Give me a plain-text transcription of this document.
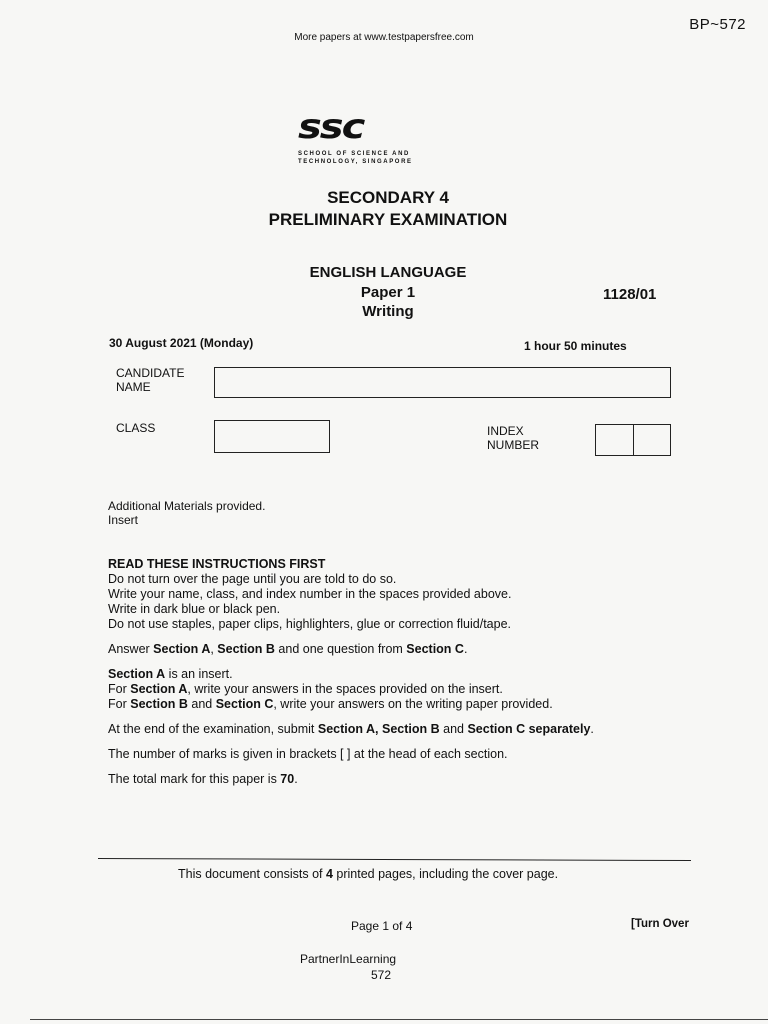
BP~572
More papers at www.testpapersfree.com
ssc
SCHOOL OF SCIENCE AND
TECHNOLOGY, SINGAPORE
SECONDARY 4
PRELIMINARY EXAMINATION
ENGLISH LANGUAGE
Paper 1
Writing
1128/01
30 August 2021 (Monday)	1 hour 50 minutes
CANDIDATE
NAME
CLASS	INDEX
NUMBER
Additional Materials provided.
Insert

READ THESE INSTRUCTIONS FIRST

Do not turn over the page until you are told to do so.

Write your name, class, and index number in the spaces provided above.

Write in dark blue or black pen.

Do not use staples, paper clips, highlighters, glue or correction fluid/tape.

Answer Section A, Section B and one question from Section C.

Section A is an insert.

For Section A, write your answers in the spaces provided on the insert.

For Section B and Section C, write your answers on the writing paper provided.

At the end of the examination, submit Section A, Section B and Section C separately.

The number of marks is given in brackets [ ] at the head of each section.

The total mark for this paper is 70.

This document consists of 4 printed pages, including the cover page.
Page 1 of 4	[Turn Over
PartnerInLearning
572
